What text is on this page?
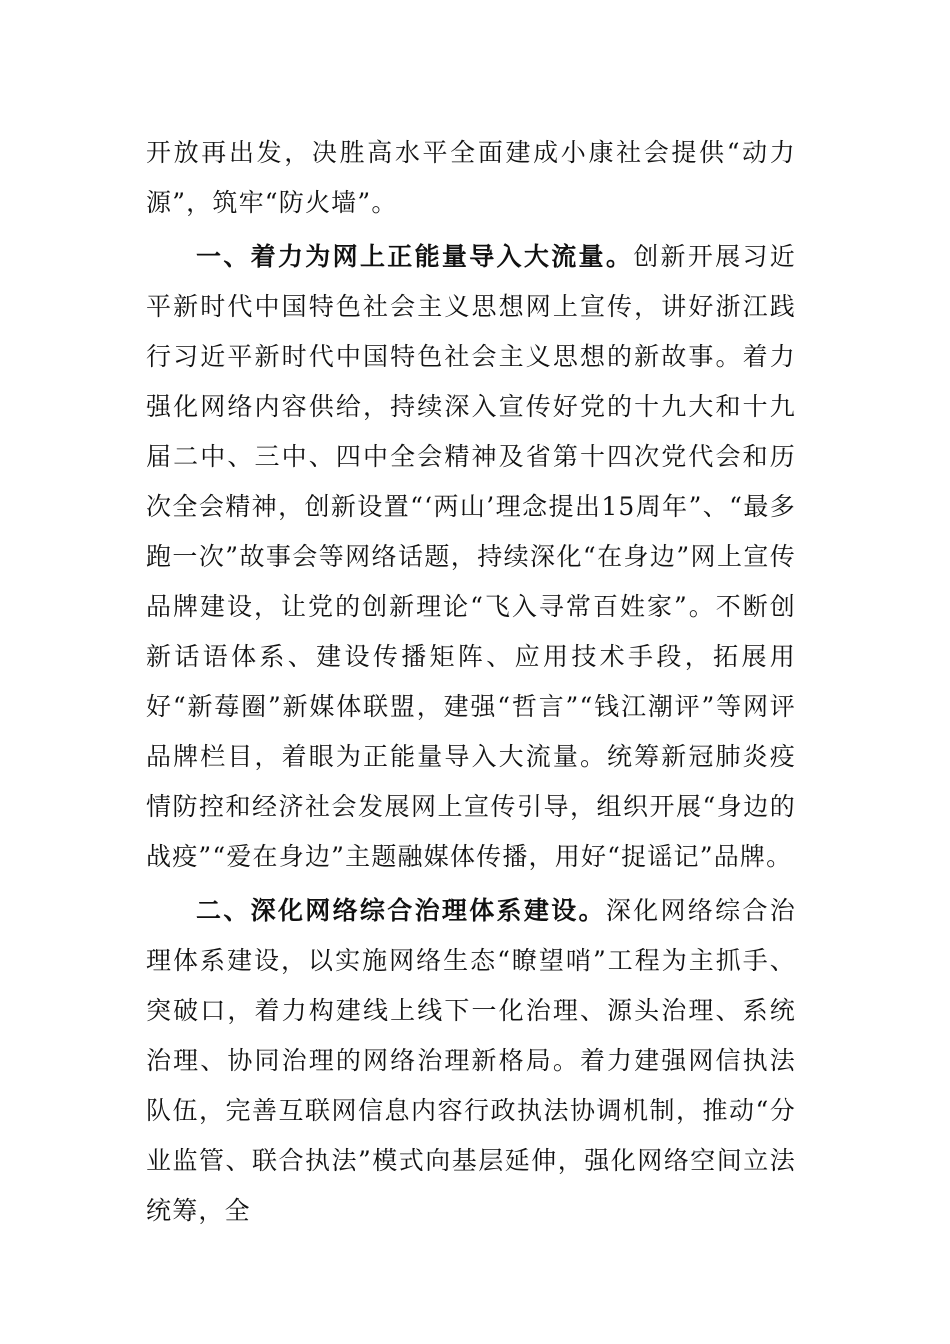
开放再出发，决胜高水平全面建成小康社会提供“动力源”，筑牢“防火墙”。

一、着力为网上正能量导入大流量。创新开展习近平新时代中国特色社会主义思想网上宣传，讲好浙江践行习近平新时代中国特色社会主义思想的新故事。着力强化网络内容供给，持续深入宣传好党的十九大和十九届二中、三中、四中全会精神及省第十四次党代会和历次全会精神，创新设置“‘两山’理念提出15周年”、“最多跑一次”故事会等网络话题，持续深化“在身边”网上宣传品牌建设，让党的创新理论“飞入寻常百姓家”。不断创新话语体系、建设传播矩阵、应用技术手段，拓展用好“新莓圈”新媒体联盟，建强“哲言”“钱江潮评”等网评品牌栏目，着眼为正能量导入大流量。统筹新冠肺炎疫情防控和经济社会发展网上宣传引导，组织开展“身边的战疫”“爱在身边”主题融媒体传播，用好“捉谣记”品牌。

二、深化网络综合治理体系建设。深化网络综合治理体系建设，以实施网络生态“瞭望哨”工程为主抓手、突破口，着力构建线上线下一化治理、源头治理、系统治理、协同治理的网络治理新格局。着力建强网信执法队伍，完善互联网信息内容行政执法协调机制，推动“分业监管、联合执法”模式向基层延伸，强化网络空间立法统筹，全
